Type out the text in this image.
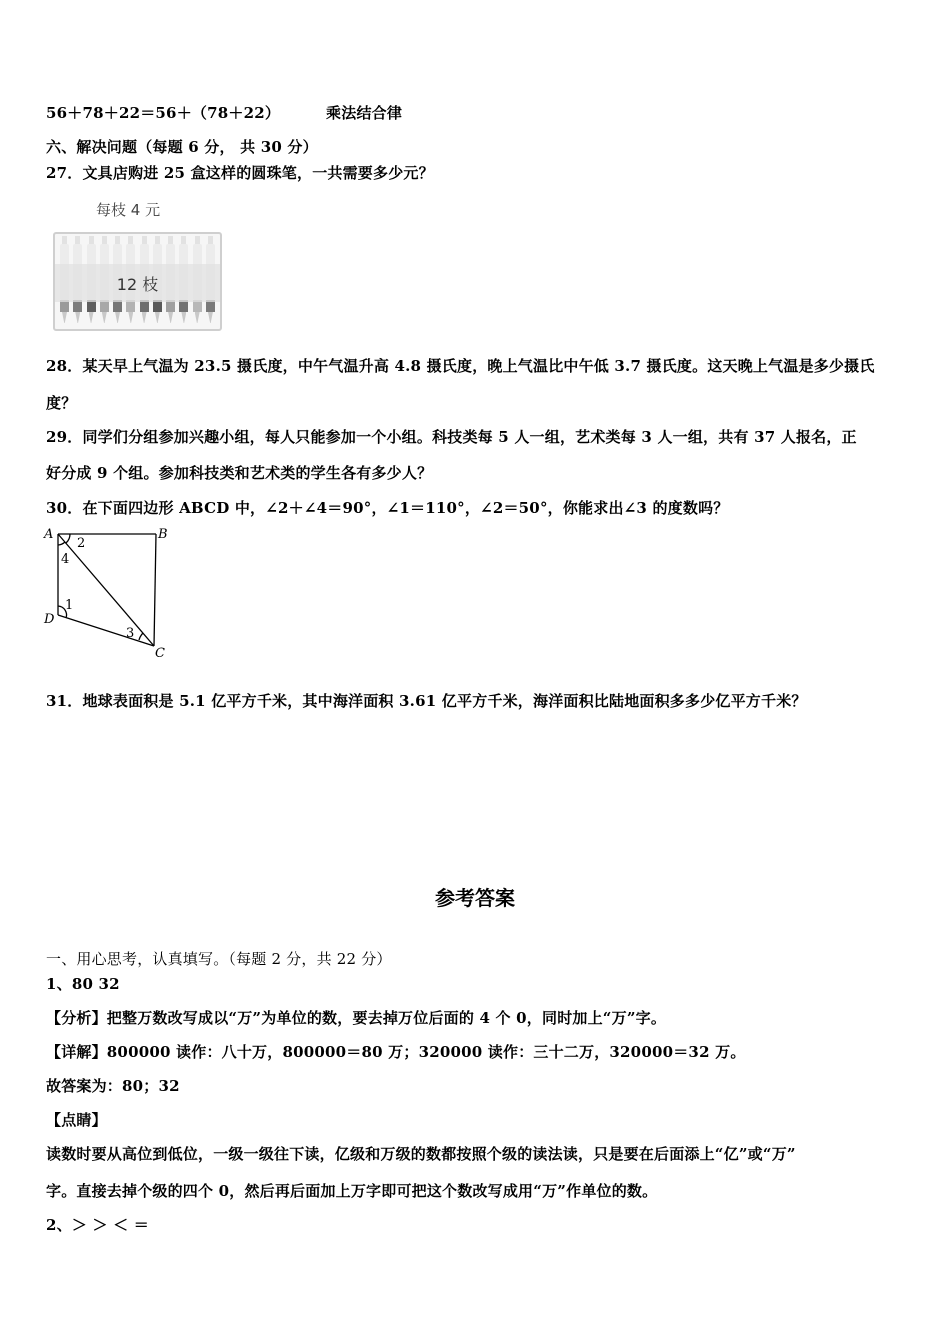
56＋78＋22＝56＋（78＋22）	乘法结合律
六、解决问题（每题 6 分， 共 30 分）
27．文具店购进 25 盒这样的圆珠笔，一共需要多少元？
每枝 4 元
12 枝
28．某天早上气温为 23.5 摄氏度，中午气温升高 4.8 摄氏度，晚上气温比中午低 3.7 摄氏度。这天晚上气温是多少摄氏
度？
29．同学们分组参加兴趣小组，每人只能参加一个小组。科技类每 5 人一组，艺术类每 3 人一组，共有 37 人报名，正
好分成 9 个组。参加科技类和艺术类的学生各有多少人？
30．在下面四边形 ABCD 中，∠2＋∠4＝90°，∠1＝110°，∠2＝50°，你能求出∠3 的度数吗？
A	B
C
D
2
4
1
3
31．地球表面积是 5.1 亿平方千米，其中海洋面积 3.61 亿平方千米，海洋面积比陆地面积多多少亿平方千米？
参考答案
一、用心思考，认真填写。（每题 2 分，共 22 分）
1、80 32
【分析】把整万数改写成以“万”为单位的数，要去掉万位后面的 4 个 0，同时加上“万”字。
【详解】800000 读作：八十万，800000＝80 万；320000 读作：三十二万，320000＝32 万。
故答案为：80；32
【点睛】
读数时要从高位到低位，一级一级往下读，亿级和万级的数都按照个级的读法读，只是要在后面添上“亿”或“万”
字。直接去掉个级的四个 0，然后再后面加上万字即可把这个数改写成用“万”作单位的数。
2、＞ ＞ ＜ ＝
